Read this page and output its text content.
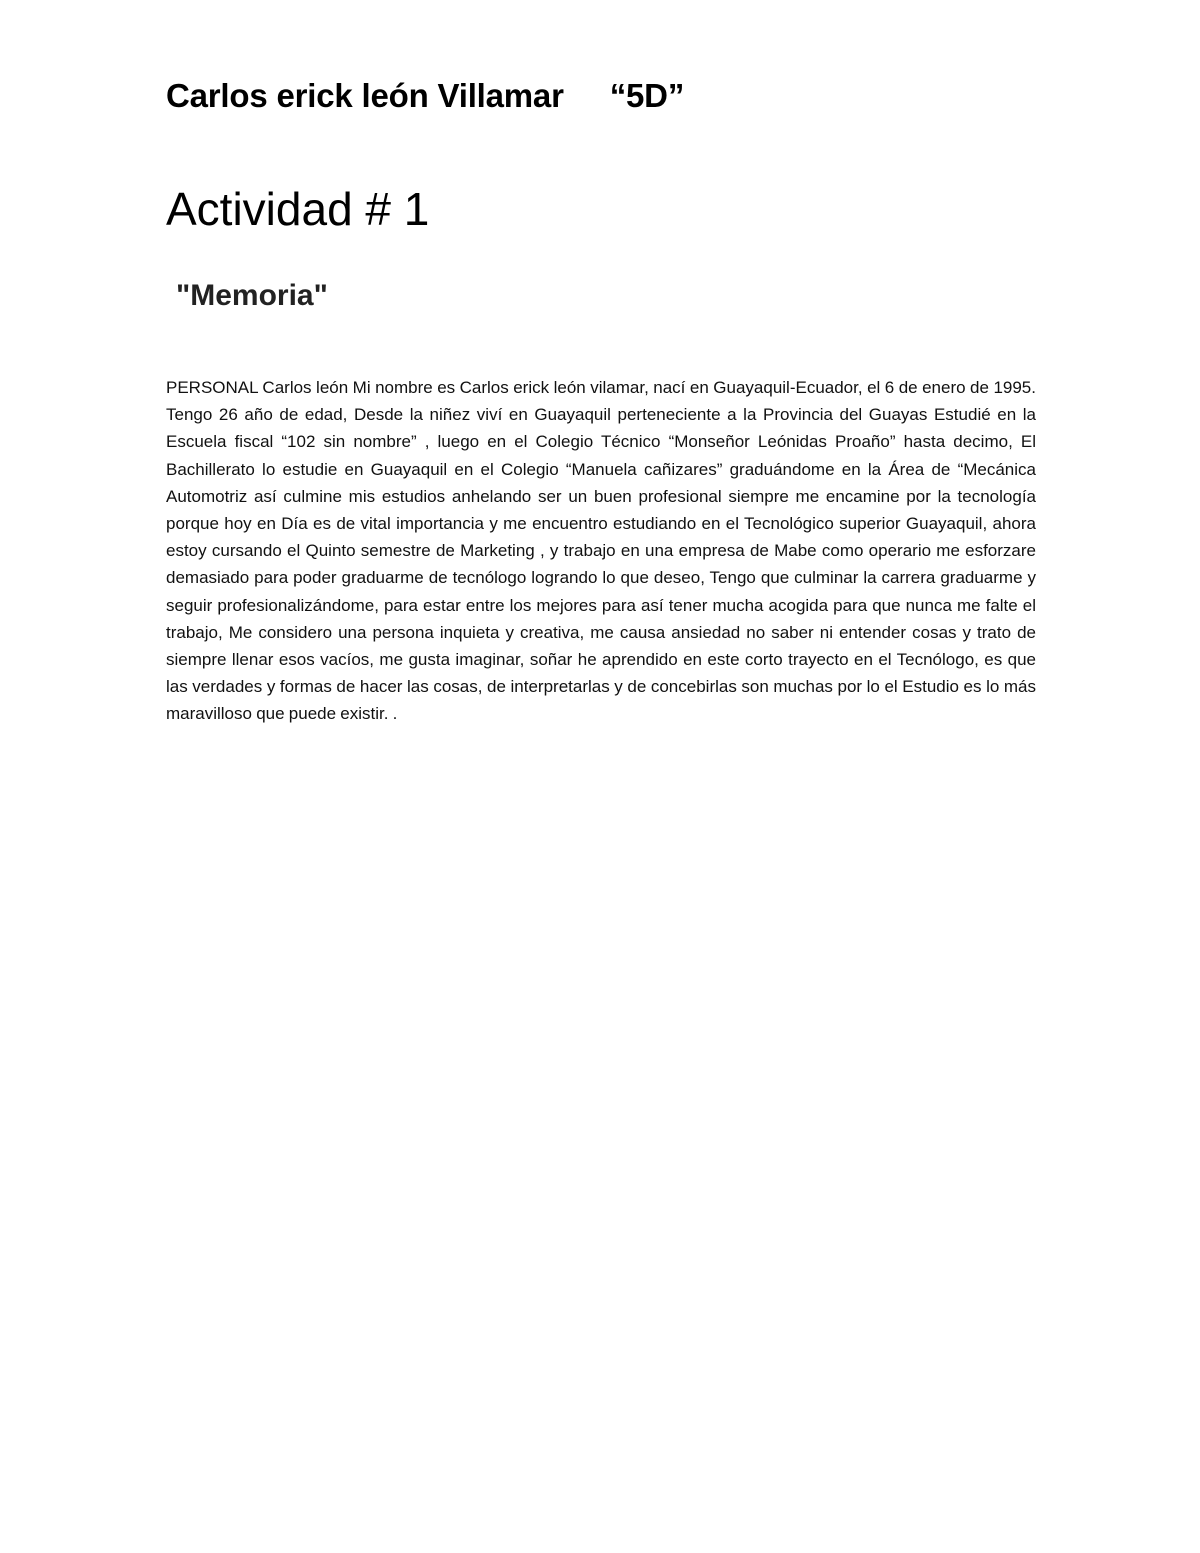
Carlos erick león Villamar “5D”
Actividad # 1
"Memoria"

PERSONAL Carlos león Mi nombre es Carlos erick león vilamar, nací en Guayaquil-Ecuador, el 6 de enero de 1995. Tengo 26 año de edad, Desde la niñez viví en Guayaquil perteneciente a la Provincia del Guayas Estudié en la Escuela fiscal “102 sin nombre” , luego en el Colegio Técnico “Monseñor Leónidas Proaño” hasta decimo, El Bachillerato lo estudie en Guayaquil en el Colegio “Manuela cañizares” graduándome en la Área de “Mecánica Automotriz así culmine mis estudios anhelando ser un buen profesional siempre me encamine por la tecnología porque hoy en Día es de vital importancia y me encuentro estudiando en el Tecnológico superior Guayaquil, ahora estoy cursando el Quinto semestre de Marketing , y trabajo en una empresa de Mabe como operario me esforzare demasiado para poder graduarme de tecnólogo logrando lo que deseo, Tengo que culminar la carrera graduarme y seguir profesionalizándome, para estar entre los mejores para así tener mucha acogida para que nunca me falte el trabajo, Me considero una persona inquieta y creativa, me causa ansiedad no saber ni entender cosas y trato de siempre llenar esos vacíos, me gusta imaginar, soñar he aprendido en este corto trayecto en el Tecnólogo, es que las verdades y formas de hacer las cosas, de interpretarlas y de concebirlas son muchas por lo el Estudio es lo más maravilloso que puede existir. .
